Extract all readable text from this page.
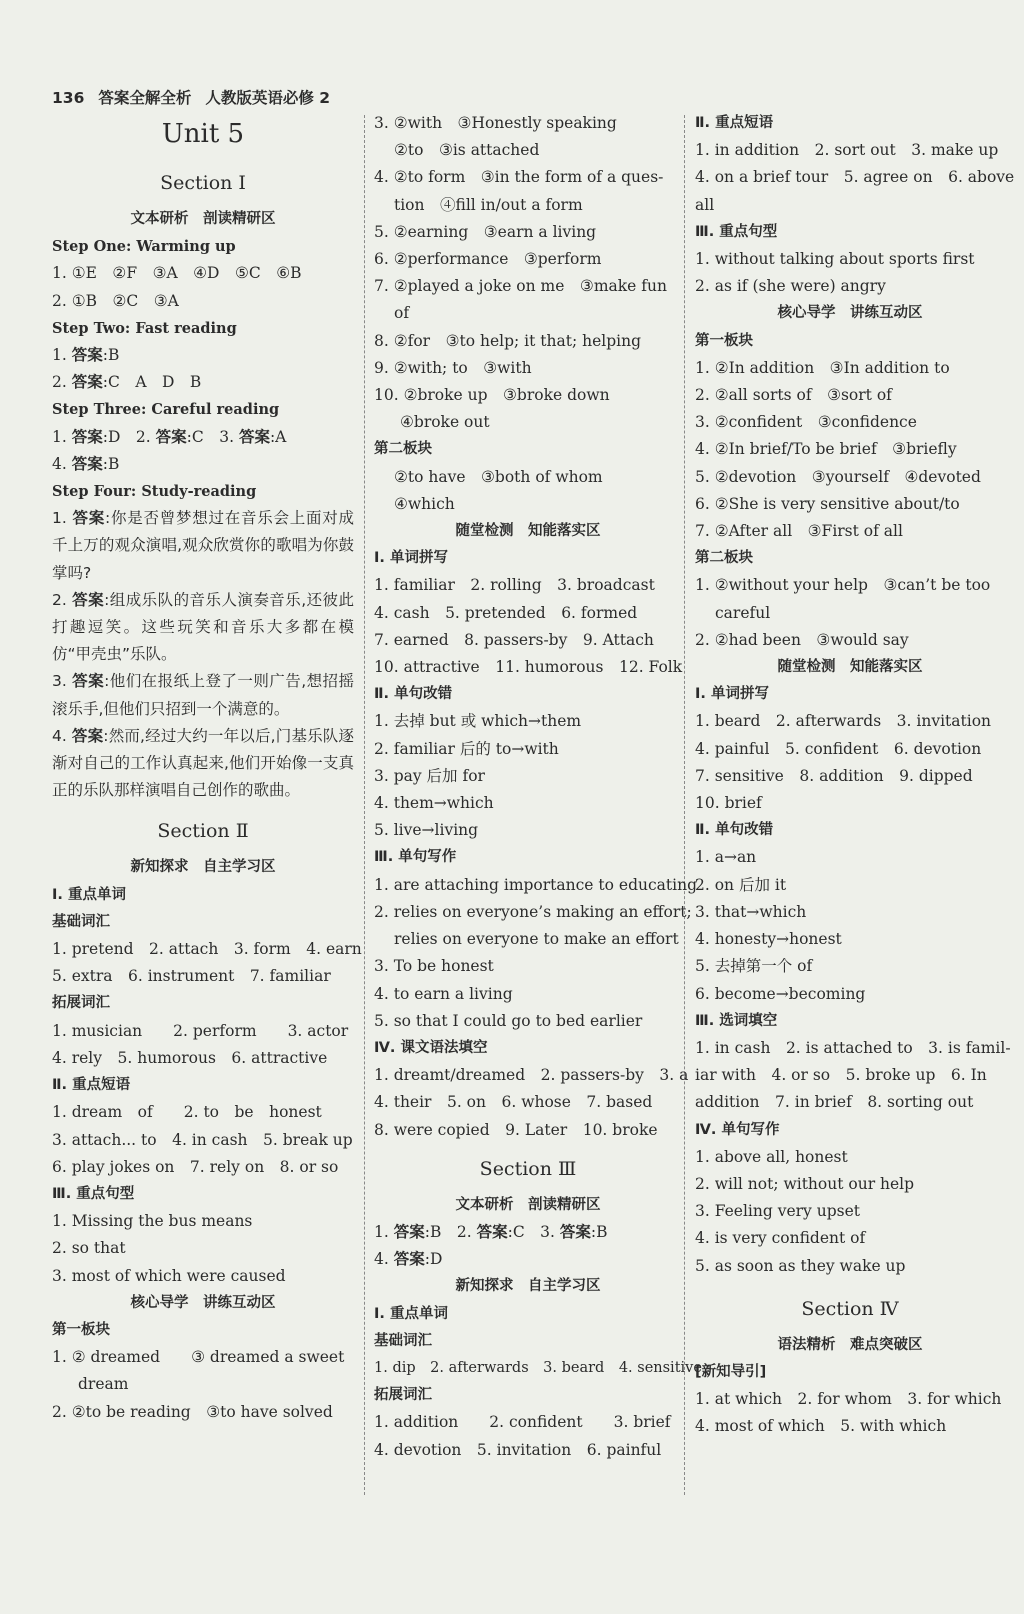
136 答案全解全析 人教版英语必修 2
Unit 5
Section Ⅰ
文本研析　剖读精研区
Step One: Warming up
1. ①E　②F　③A　④D　⑤C　⑥B
2. ①B　②C　③A
Step Two: Fast reading
1. 答案:B
2. 答案:C　A　D　B
Step Three: Careful reading
1. 答案:D　2. 答案:C　3. 答案:A
4. 答案:B
Step Four: Study-reading
1. 答案:你是否曾梦想过在音乐会上面对成千上万的观众演唱,观众欣赏你的歌唱为你鼓掌吗?
2. 答案:组成乐队的音乐人演奏音乐,还彼此打趣逗笑。这些玩笑和音乐大多都在模仿“甲壳虫”乐队。
3. 答案:他们在报纸上登了一则广告,想招摇滚乐手,但他们只招到一个满意的。
4. 答案:然而,经过大约一年以后,门基乐队逐渐对自己的工作认真起来,他们开始像一支真正的乐队那样演唱自己创作的歌曲。
Section Ⅱ
新知探求　自主学习区
Ⅰ. 重点单词
基础词汇
1. pretend　2. attach　3. form　4. earn
5. extra　6. instrument　7. familiar
拓展词汇
1. musician　　2. perform　　3. actor
4. rely　5. humorous　6. attractive
Ⅱ. 重点短语
1. dream　of　　2. to　be　honest
3. attach... to　4. in cash　5. break up
6. play jokes on　7. rely on　8. or so
Ⅲ. 重点句型
1. Missing the bus means
2. so that
3. most of which were caused
核心导学　讲练互动区
第一板块
1. ② dreamed　　③ dreamed a sweet
dream
2. ②to be reading　③to have solved
3. ②with　③Honestly speaking
②to　③is attached
4. ②to form　③in the form of a ques-
tion　④fill in/out a form
5. ②earning　③earn a living
6. ②performance　③perform
7. ②played a joke on me　③make fun
of
8. ②for　③to help; it that; helping
9. ②with; to　③with
10. ②broke up　③broke down
④broke out
第二板块
②to have　③both of whom
④which
随堂检测　知能落实区
Ⅰ. 单词拼写
1. familiar　2. rolling　3. broadcast
4. cash　5. pretended　6. formed
7. earned　8. passers-by　9. Attach
10. attractive　11. humorous　12. Folk
Ⅱ. 单句改错
1. 去掉 but 或 which→them
2. familiar 后的 to→with
3. pay 后加 for
4. them→which
5. live→living
Ⅲ. 单句写作
1. are attaching importance to educating
2. relies on everyone’s making an effort;
relies on everyone to make an effort
3. To be honest
4. to earn a living
5. so that I could go to bed earlier
Ⅳ. 课文语法填空
1. dreamt/dreamed　2. passers-by　3. a
4. their　5. on　6. whose　7. based
8. were copied　9. Later　10. broke
Section Ⅲ
文本研析　剖读精研区
1. 答案:B　2. 答案:C　3. 答案:B
4. 答案:D
新知探求　自主学习区
Ⅰ. 重点单词
基础词汇
1. dip　2. afterwards　3. beard　4. sensitive
拓展词汇
1. addition　　2. confident　　3. brief
4. devotion　5. invitation　6. painful
Ⅱ. 重点短语
1. in addition　2. sort out　3. make up
4. on a brief tour　5. agree on　6. above
all
Ⅲ. 重点句型
1. without talking about sports first
2. as if (she were) angry
核心导学　讲练互动区
第一板块
1. ②In addition　③In addition to
2. ②all sorts of　③sort of
3. ②confident　③confidence
4. ②In brief/To be brief　③briefly
5. ②devotion　③yourself　④devoted
6. ②She is very sensitive about/to
7. ②After all　③First of all
第二板块
1. ②without your help　③can’t be too
careful
2. ②had been　③would say
随堂检测　知能落实区
Ⅰ. 单词拼写
1. beard　2. afterwards　3. invitation
4. painful　5. confident　6. devotion
7. sensitive　8. addition　9. dipped
10. brief
Ⅱ. 单句改错
1. a→an
2. on 后加 it
3. that→which
4. honesty→honest
5. 去掉第一个 of
6. become→becoming
Ⅲ. 选词填空
1. in cash　2. is attached to　3. is famil-
iar with　4. or so　5. broke up　6. In
addition　7. in brief　8. sorting out
Ⅳ. 单句写作
1. above all, honest
2. will not; without our help
3. Feeling very upset
4. is very confident of
5. as soon as they wake up
Section Ⅳ
语法精析　难点突破区
[新知导引]
1. at which　2. for whom　3. for which
4. most of which　5. with which
